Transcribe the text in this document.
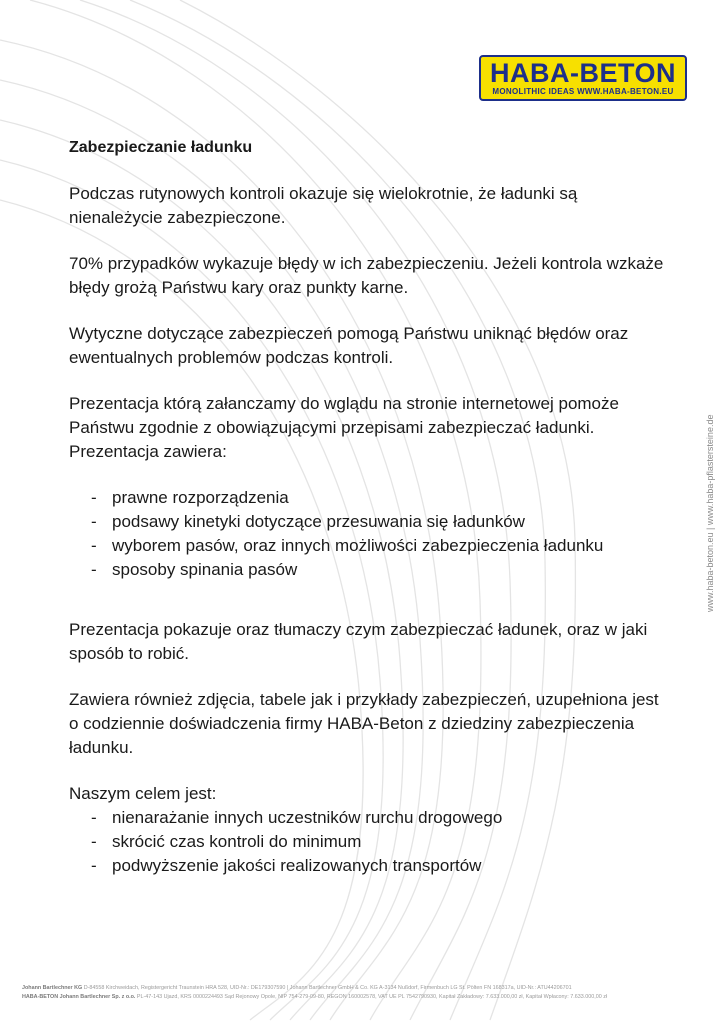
HABA-BETON
MONOLITHIC IDEAS WWW.HABA-BETON.EU

Zabezpieczanie ładunku

Podczas rutynowych kontroli okazuje się wielokrotnie, że ładunki są nienależycie zabezpieczone.

70% przypadków wykazuje błędy w ich zabezpieczeniu. Jeżeli kontrola wzkaże błędy grożą Państwu kary oraz punkty karne.

Wytyczne dotyczące zabezpieczeń pomogą Państwu uniknąć błędów oraz ewentualnych problemów podczas kontroli.

Prezentacja którą załanczamy do wglądu na stronie internetowej pomoże Państwu zgodnie z obowiązującymi przepisami zabezpieczać ładunki. Prezentacja zawiera:

- prawne rozporządzenia
- podsawy kinetyki dotyczące przesuwania się ładunków
- wyborem pasów, oraz innych możliwości zabezpieczenia ładunku
- sposoby spinania pasów

Prezentacja pokazuje oraz tłumaczy czym zabezpieczać ładunek, oraz w jaki sposób to robić.

Zawiera również zdjęcia, tabele jak i przykłady zabezpieczeń, uzupełniona jest o codziennie doświadczenia firmy HABA-Beton z dziedziny zabezpieczenia ładunku.

Naszym celem jest:

- nienarażanie innych uczestników rurchu drogowego
- skrócić czas kontroli do minimum
- podwyższenie jakości realizowanych transportów
www.haba-beton.eu | www.haba-pflastersteine.de
Johann Bartlechner KG D-84558 Kirchweidach, Registergericht Traunstein HRA 528, UID-Nr.: DE179307590 | Johann Bartlechner GmbH & Co. KG A-3134 Nußdorf, Firmenbuch LG St. Pölten FN 168317a, UID-Nr.: ATU44206701
HABA-BETON Johann Bartlechner Sp. z o.o. PL-47-143 Ujazd, KRS 0000224493 Sąd Rejonowy Opole, NIP 754-279-09-80, REGON 160002578, VAT UE PL 7542790930, Kapitał Zakładowy: 7.633.000,00 zł, Kapitał Wpłacony: 7.633.000,00 zł
